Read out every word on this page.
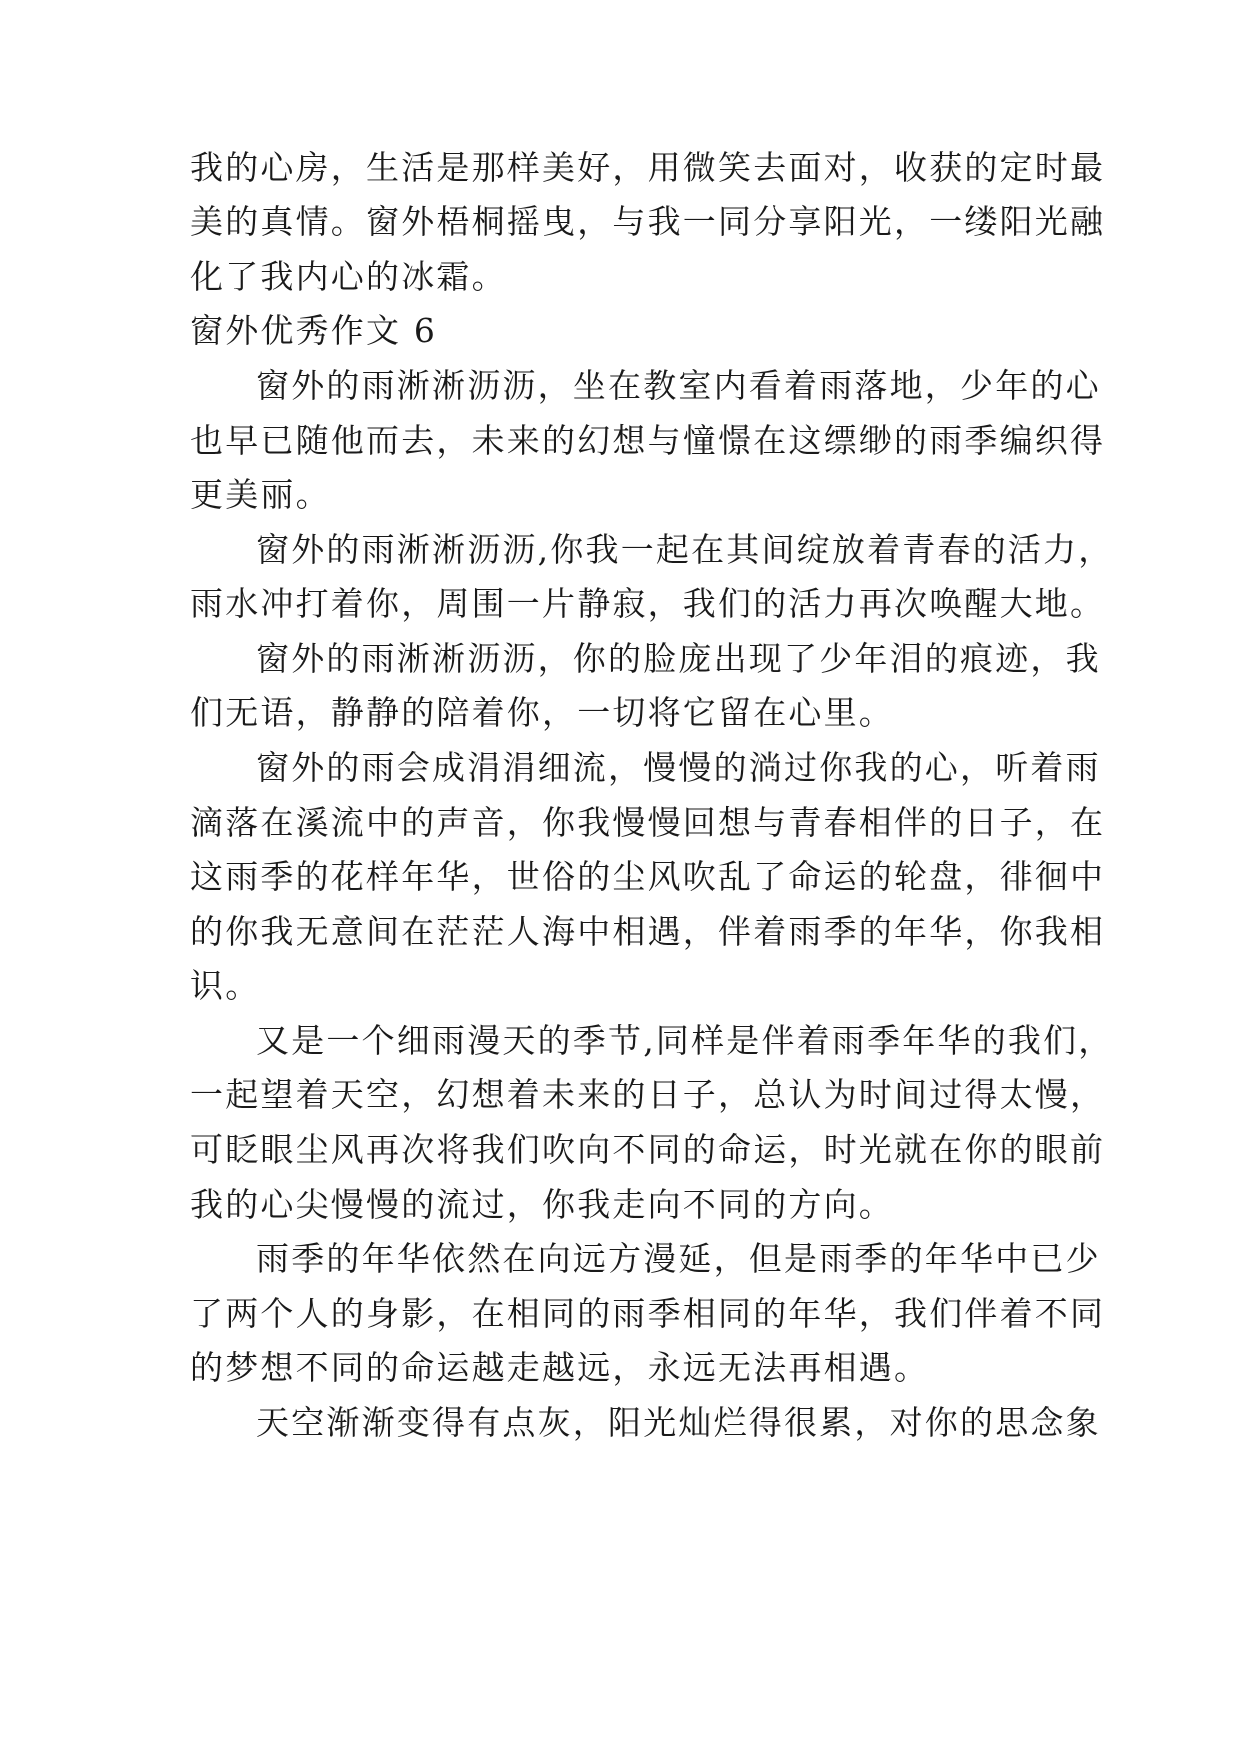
我的心房，生活是那样美好，用微笑去面对，收获的定时最
美的真情。窗外梧桐摇曳，与我一同分享阳光，一缕阳光融
化了我内心的冰霜。
窗外优秀作文 6
窗外的雨淅淅沥沥，坐在教室内看着雨落地，少年的心
也早已随他而去，未来的幻想与憧憬在这缥缈的雨季编织得
更美丽。
窗外的雨淅淅沥沥,你我一起在其间绽放着青春的活力，
雨水冲打着你，周围一片静寂，我们的活力再次唤醒大地。
窗外的雨淅淅沥沥，你的脸庞出现了少年泪的痕迹，我
们无语，静静的陪着你，一切将它留在心里。
窗外的雨会成涓涓细流，慢慢的淌过你我的心，听着雨
滴落在溪流中的声音，你我慢慢回想与青春相伴的日子，在
这雨季的花样年华，世俗的尘风吹乱了命运的轮盘，徘徊中
的你我无意间在茫茫人海中相遇，伴着雨季的年华，你我相
识。
又是一个细雨漫天的季节,同样是伴着雨季年华的我们，
一起望着天空，幻想着未来的日子，总认为时间过得太慢，
可眨眼尘风再次将我们吹向不同的命运，时光就在你的眼前
我的心尖慢慢的流过，你我走向不同的方向。
雨季的年华依然在向远方漫延，但是雨季的年华中已少
了两个人的身影，在相同的雨季相同的年华，我们伴着不同
的梦想不同的命运越走越远，永远无法再相遇。
天空渐渐变得有点灰，阳光灿烂得很累，对你的思念象
